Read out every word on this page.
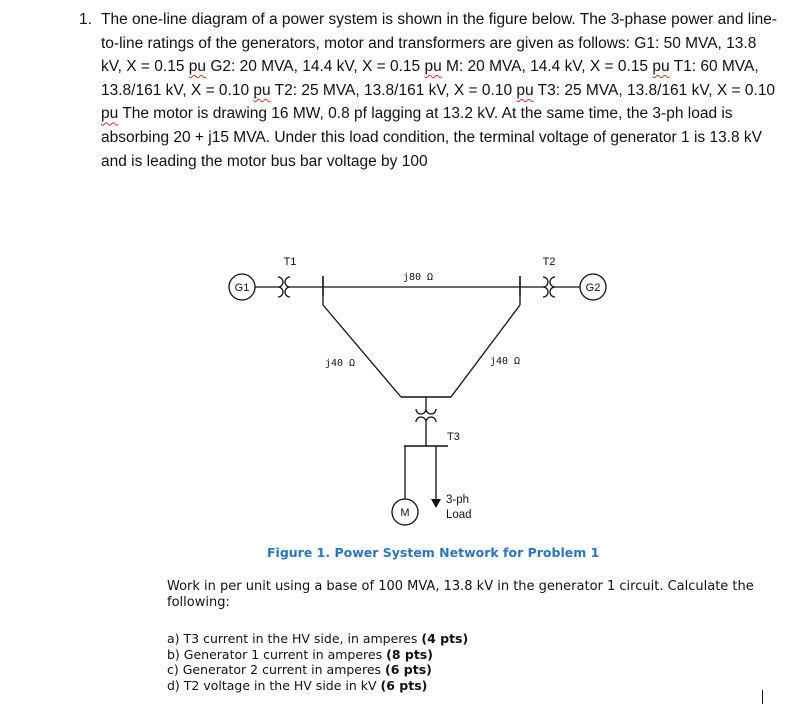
1. The one-line diagram of a power system is shown in the figure below. The 3-phase power and line-to-line ratings of the generators, motor and transformers are given as follows: G1: 50 MVA, 13.8 kV, X = 0.15 pu G2: 20 MVA, 14.4 kV, X = 0.15 pu M: 20 MVA, 14.4 kV, X = 0.15 pu T1: 60 MVA, 13.8/161 kV, X = 0.10 pu T2: 25 MVA, 13.8/161 kV, X = 0.10 pu T3: 25 MVA, 13.8/161 kV, X = 0.10 pu The motor is drawing 16 MW, 0.8 pf lagging at 13.2 kV. At the same time, the 3-ph load is absorbing 20 + j15 MVA. Under this load condition, the terminal voltage of generator 1 is 13.8 kV and is leading the motor bus bar voltage by 100
G1
T1
j80 Ω
T2
G2
j40 Ω	j40 Ω
T3
M
3-ph
Load
Figure 1. Power System Network for Problem 1
Work in per unit using a base of 100 MVA, 13.8 kV in the generator 1 circuit. Calculate the following:
a) T3 current in the HV side, in amperes (4 pts)
b) Generator 1 current in amperes (8 pts)
c) Generator 2 current in amperes (6 pts)
d) T2 voltage in the HV side in kV (6 pts)
